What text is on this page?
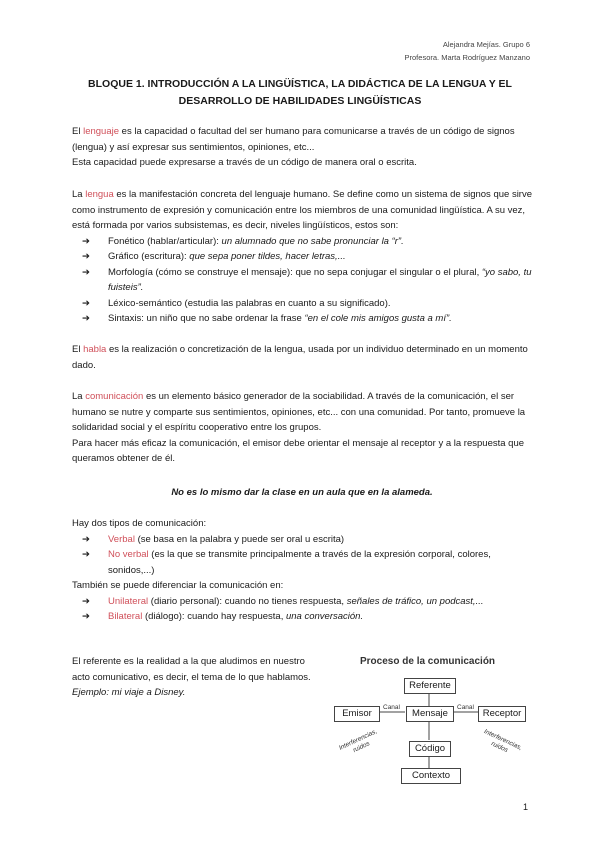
Alejandra Mejías. Grupo 6
Profesora. Marta Rodríguez Manzano
BLOQUE 1. INTRODUCCIÓN A LA LINGÜÍSTICA, LA DIDÁCTICA DE LA LENGUA Y EL
DESARROLLO DE HABILIDADES LINGÜÍSTICAS
El lenguaje es la capacidad o facultad del ser humano para comunicarse a través de un código de signos (lengua) y así expresar sus sentimientos, opiniones, etc...
Esta capacidad puede expresarse a través de un código de manera oral o escrita.
La lengua es la manifestación concreta del lenguaje humano. Se define como un sistema de signos que sirve como instrumento de expresión y comunicación entre los miembros de una comunidad lingüística. A su vez, está formada por varios subsistemas, es decir, niveles lingüísticos, estos son:
➔ Fonético (hablar/articular): un alumnado que no sabe pronunciar la “r”.
➔ Gráfico (escritura): que sepa poner tildes, hacer letras,...
➔ Morfología (cómo se construye el mensaje): que no sepa conjugar el singular o el plural, “yo sabo, tu fuisteis”.
➔ Léxico-semántico (estudia las palabras en cuanto a su significado).
➔ Sintaxis: un niño que no sabe ordenar la frase “en el cole mis amigos gusta a mí”.
El habla es la realización o concretización de la lengua, usada por un individuo determinado en un momento dado.
La comunicación es un elemento básico generador de la sociabilidad. A través de la comunicación, el ser humano se nutre y comparte sus sentimientos, opiniones, etc... con una comunidad. Por tanto, promueve la solidaridad social y el espíritu cooperativo entre los grupos.
Para hacer más eficaz la comunicación, el emisor debe orientar el mensaje al receptor y a la respuesta que queramos obtener de él.
No es lo mismo dar la clase en un aula que en la alameda.
Hay dos tipos de comunicación:
➔ Verbal (se basa en la palabra y puede ser oral u escrita)
➔ No verbal (es la que se transmite principalmente a través de la expresión corporal, colores, sonidos,...)
También se puede diferenciar la comunicación en:
➔ Unilateral (diario personal): cuando no tienes respuesta, señales de tráfico, un podcast,...
➔ Bilateral (diálogo): cuando hay respuesta, una conversación.
El referente es la realidad a la que aludimos en nuestro acto comunicativo, es decir, el tema de lo que hablamos.
Ejemplo: mi viaje a Disney.
Proceso de la comunicación
Referente
Emisor	Mensaje	Receptor
Código
Contexto
Canal	Canal
Interferencias, ruidos	Interferencias, ruidos
1
